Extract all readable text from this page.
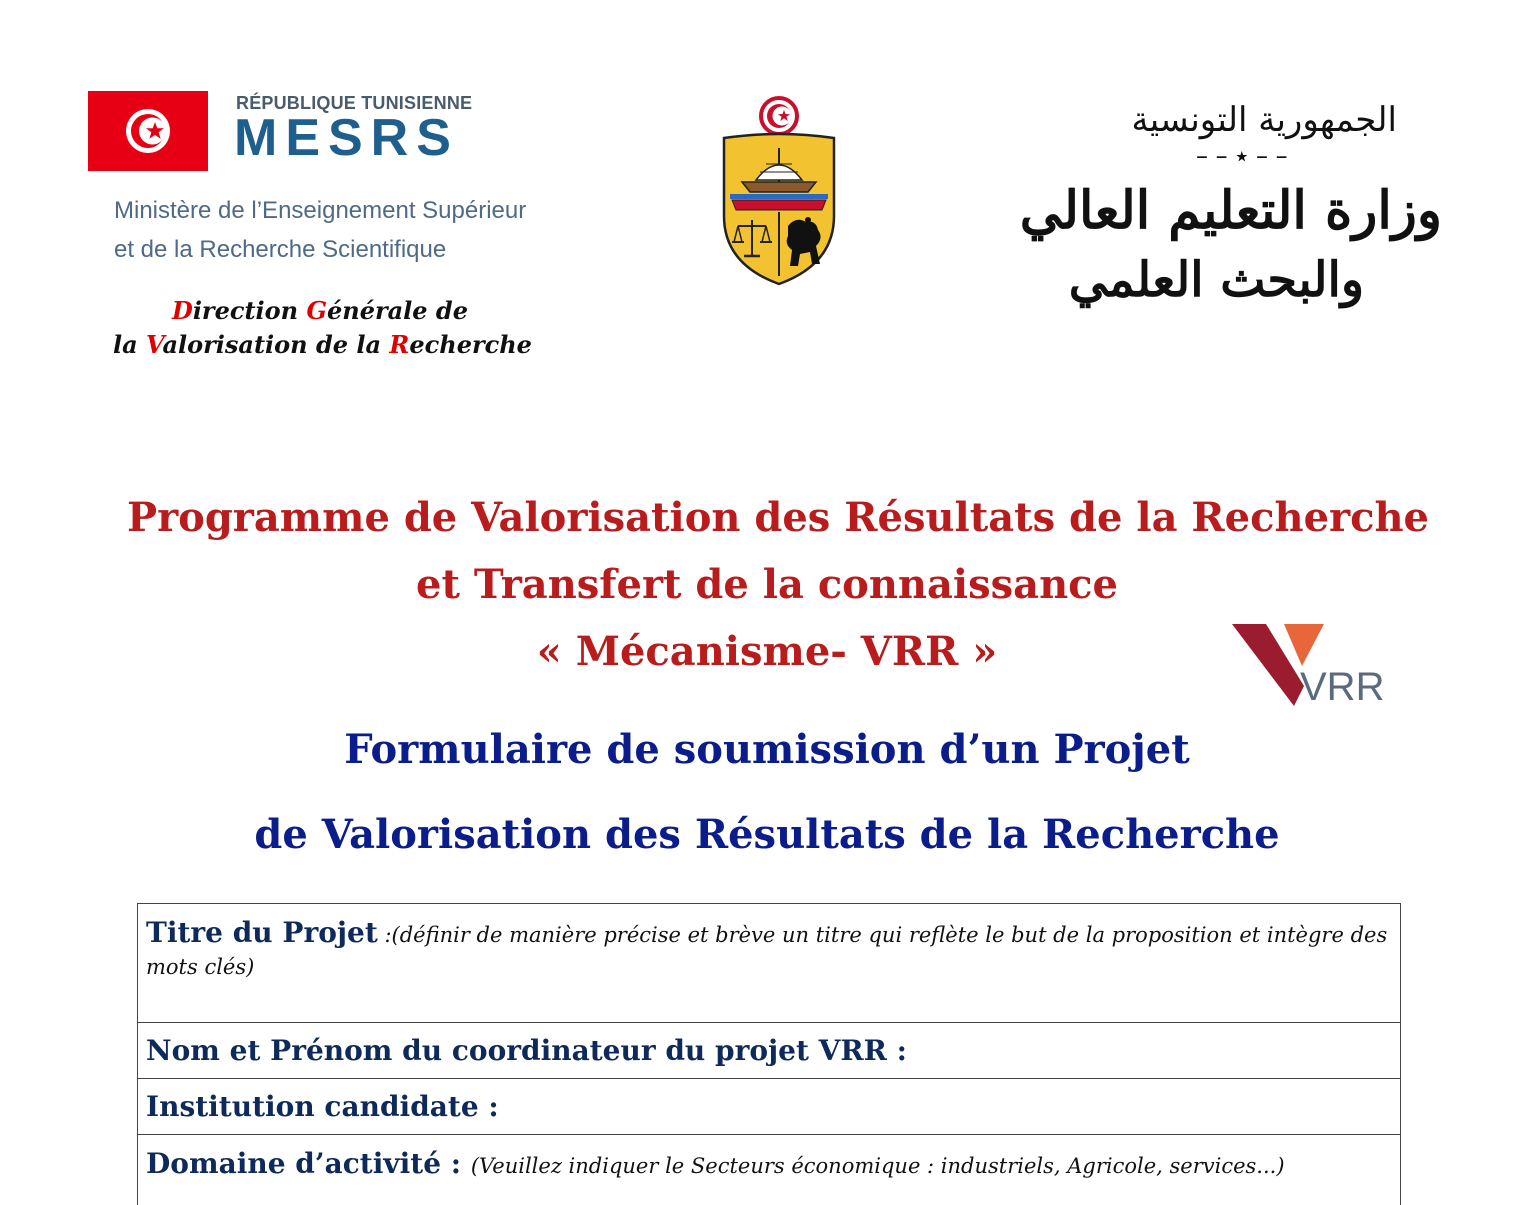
RÉPUBLIQUE TUNISIENNE
MESRS
Ministère de l’Enseignement Supérieur
et de la Recherche Scientifique
Direction Générale de
la Valorisation de la Recherche
الجمهورية التونسية
– – ٭ – –
وزارة التعليم العالي
والبحث العلمي
Programme de Valorisation des Résultats de la Recherche
et Transfert de la connaissance
« Mécanisme- VRR »
VRR
Formulaire de soumission d’un Projet
de Valorisation des Résultats de la Recherche
Titre du Projet :(définir de manière précise et brève un titre qui reflète le but de la proposition et intègre des mots clés)
Nom et Prénom du coordinateur du projet VRR :
Institution candidate :
Domaine d’activité : (Veuillez indiquer le Secteurs économique : industriels, Agricole, services...)
